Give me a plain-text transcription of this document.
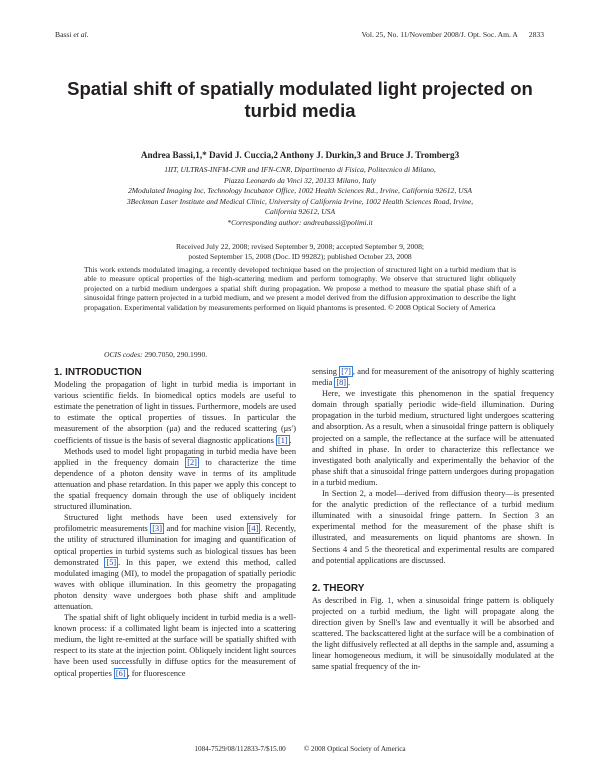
Bassi et al.	Vol. 25, No. 11/November 2008/J. Opt. Soc. Am. A      2833
Spatial shift of spatially modulated light projected on turbid media
Andrea Bassi,1,* David J. Cuccia,2 Anthony J. Durkin,3 and Bruce J. Tromberg3
1IIT, ULTRAS-INFM-CNR and IFN-CNR, Dipartimento di Fisica, Politecnico di Milano,
Piazza Leonardo da Vinci 32, 20133 Milano, Italy
2Modulated Imaging Inc, Technology Incubator Office, 1002 Health Sciences Rd., Irvine, California 92612, USA
3Beckman Laser Institute and Medical Clinic, University of California Irvine, 1002 Health Sciences Road, Irvine,
California 92612, USA
*Corresponding author: andreabassi@polimi.it
Received July 22, 2008; revised September 9, 2008; accepted September 9, 2008;
posted September 15, 2008 (Doc. ID 99282); published October 23, 2008
This work extends modulated imaging, a recently developed technique based on the projection of structured light on a turbid medium that is able to measure optical properties of the high-scattering medium and perform tomography. We observe that structured light obliquely projected on a turbid medium undergoes a spatial shift during propagation. We propose a method to measure the spatial phase shift of a sinusoidal fringe pattern projected in a turbid medium, and we present a model derived from the diffusion approximation to describe the light propagation. Experimental validation by measurements performed on liquid phantoms is presented. © 2008 Optical Society of America
OCIS codes: 290.7050, 290.1990.
1. INTRODUCTION

Modeling the propagation of light in turbid media is important in various scientific fields. In biomedical optics models are useful to estimate the penetration of light in tissues. Furthermore, models are used to estimate the optical properties of tissues. In particular the measurement of the absorption (μa) and the reduced scattering (μs′) coefficients of tissue is the basis of several diagnostic applications [1] .

Methods used to model light propagating in turbid media have been applied in the frequency domain [2] to characterize the time dependence of a photon density wave in terms of its amplitude attenuation and phase retardation. In this paper we apply this concept to the spatial frequency domain through the use of obliquely incident structured illumination.

Structured light methods have been used extensively for profilometric measurements [3] and for machine vision [4] . Recently, the utility of structured illumination for imaging and quantification of optical properties in turbid systems such as biological tissues has been demonstrated [5] . In this paper, we extend this method, called modulated imaging (MI), to model the propagation of spatially periodic waves with oblique illumination. In this geometry the propagating photon density wave undergoes both phase shift and amplitude attenuation.

The spatial shift of light obliquely incident in turbid media is a well-known process: if a collimated light beam is injected into a scattering medium, the light re-emitted at the surface will be spatially shifted with respect to its state at the injection point. Obliquely incident light sources have been used successfully in diffuse optics for the measurement of optical properties [6] , for fluorescence

sensing [7] , and for measurement of the anisotropy of highly scattering media [8] .

Here, we investigate this phenomenon in the spatial frequency domain through spatially periodic wide-field illumination. During propagation in the turbid medium, structured light undergoes scattering and absorption. As a result, when a sinusoidal fringe pattern is obliquely projected on a sample, the reflectance at the surface will be attenuated and shifted in phase. In order to characterize this reflectance we investigated both analytically and experimentally the behavior of the phase shift that a sinusoidal fringe pattern undergoes during propagation in a turbid medium.

In Section 2, a model—derived from diffusion theory—is presented for the analytic prediction of the reflectance of a turbid medium illuminated with a sinusoidal fringe pattern. In Section 3 an experimental method for the measurement of the phase shift is illustrated, and measurements on liquid phantoms are shown. In Sections 4 and 5 the theoretical and experimental results are compared and potential applications are discussed.

2. THEORY

As described in Fig. 1, when a sinusoidal fringe pattern is obliquely projected on a turbid medium, the light will propagate along the direction given by Snell's law and eventually it will be absorbed and scattered. The backscattered light at the surface will be a combination of the light diffusively reflected at all depths in the sample and, assuming a linear homogeneous medium, it will be sinusoidally modulated at the same spatial frequency of the in-

1084-7529/08/112833-7/$15.00          © 2008 Optical Society of America
